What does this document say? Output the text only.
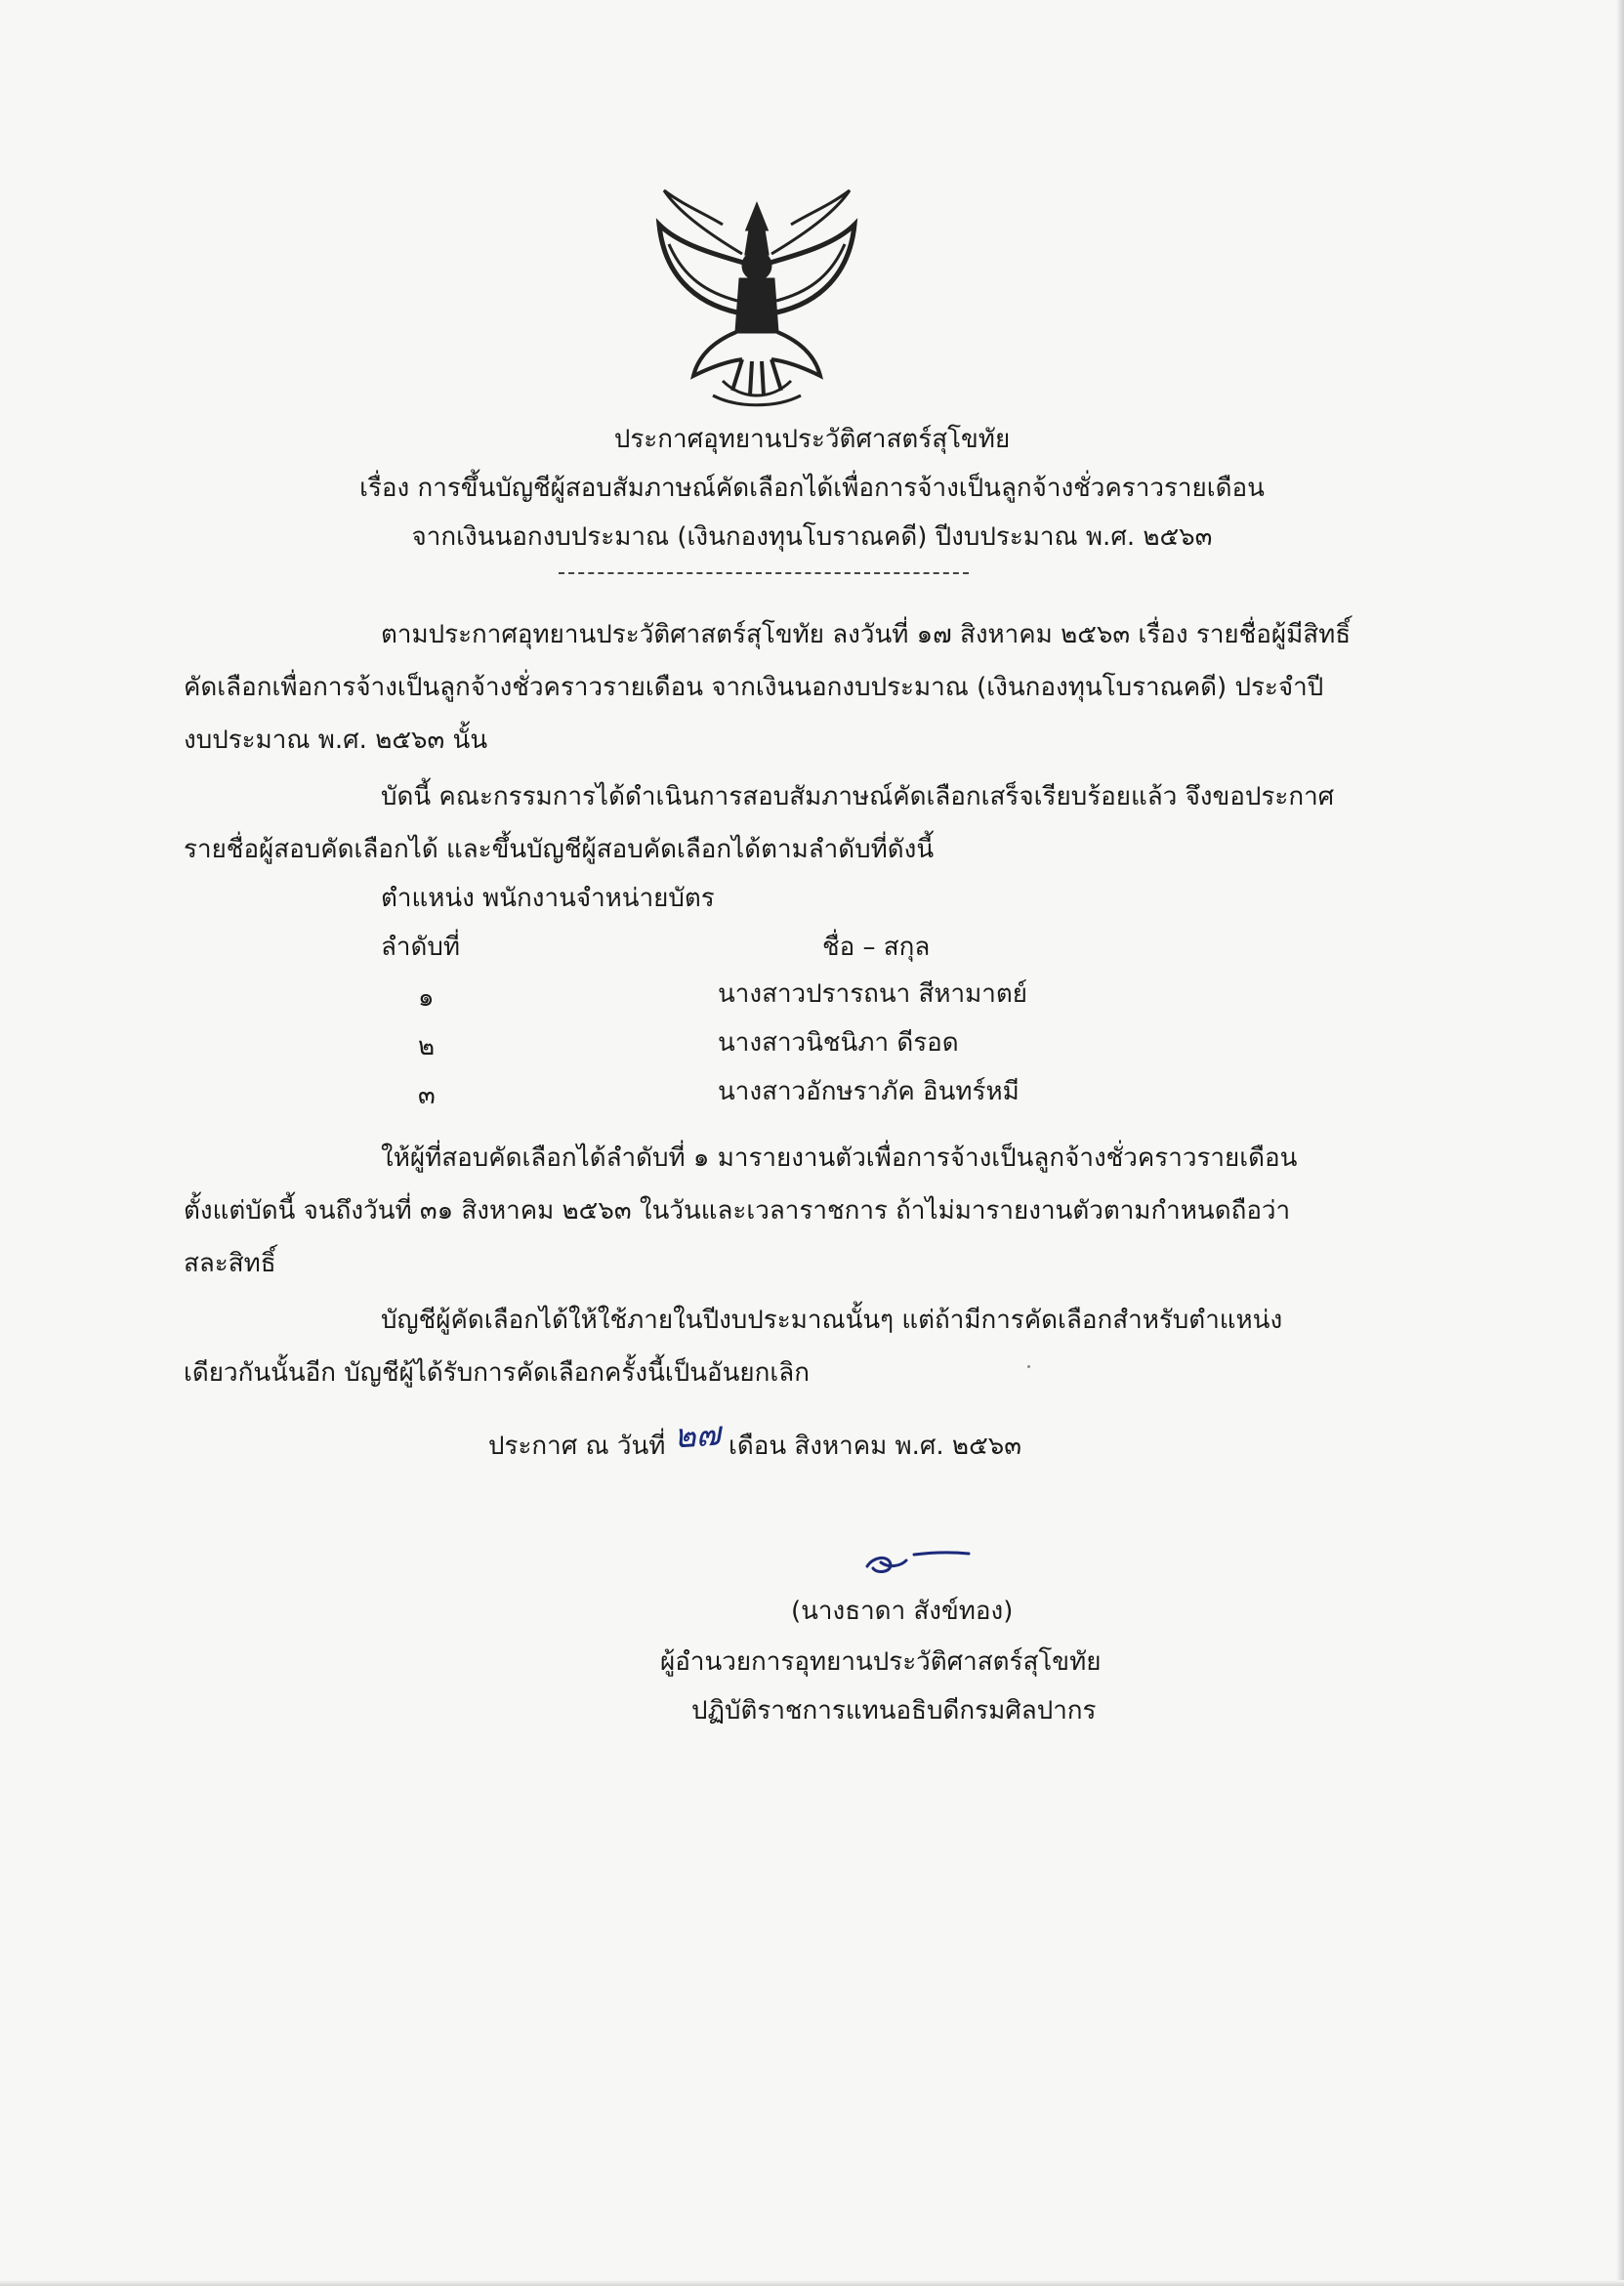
ประกาศอุทยานประวัติศาสตร์สุโขทัย
เรื่อง การขึ้นบัญชีผู้สอบสัมภาษณ์คัดเลือกได้เพื่อการจ้างเป็นลูกจ้างชั่วคราวรายเดือน
จากเงินนอกงบประมาณ (เงินกองทุนโบราณคดี) ปีงบประมาณ พ.ศ. ๒๕๖๓
ตามประกาศอุทยานประวัติศาสตร์สุโขทัย ลงวันที่ ๑๗ สิงหาคม ๒๕๖๓ เรื่อง รายชื่อผู้มีสิทธิ์
คัดเลือกเพื่อการจ้างเป็นลูกจ้างชั่วคราวรายเดือน จากเงินนอกงบประมาณ (เงินกองทุนโบราณคดี) ประจำปี
งบประมาณ พ.ศ. ๒๕๖๓ นั้น
บัดนี้ คณะกรรมการได้ดำเนินการสอบสัมภาษณ์คัดเลือกเสร็จเรียบร้อยแล้ว จึงขอประกาศ
รายชื่อผู้สอบคัดเลือกได้ และขึ้นบัญชีผู้สอบคัดเลือกได้ตามลำดับที่ดังนี้
ตำแหน่ง พนักงานจำหน่ายบัตร
ลำดับที่	ชื่อ – สกุล
๑	นางสาวปรารถนา สีหามาตย์
๒	นางสาวนิชนิภา ดีรอด
๓	นางสาวอักษราภัค อินทร์หมี
ให้ผู้ที่สอบคัดเลือกได้ลำดับที่ ๑ มารายงานตัวเพื่อการจ้างเป็นลูกจ้างชั่วคราวรายเดือน
ตั้งแต่บัดนี้ จนถึงวันที่ ๓๑ สิงหาคม ๒๕๖๓ ในวันและเวลาราชการ ถ้าไม่มารายงานตัวตามกำหนดถือว่า
สละสิทธิ์
บัญชีผู้คัดเลือกได้ให้ใช้ภายในปีงบประมาณนั้นๆ แต่ถ้ามีการคัดเลือกสำหรับตำแหน่ง
เดียวกันนั้นอีก บัญชีผู้ได้รับการคัดเลือกครั้งนี้เป็นอันยกเลิก
ประกาศ ณ วันที่ ๒๗ เดือน สิงหาคม พ.ศ. ๒๕๖๓
(นางธาดา สังข์ทอง)
ผู้อำนวยการอุทยานประวัติศาสตร์สุโขทัย
ปฏิบัติราชการแทนอธิบดีกรมศิลปากร
